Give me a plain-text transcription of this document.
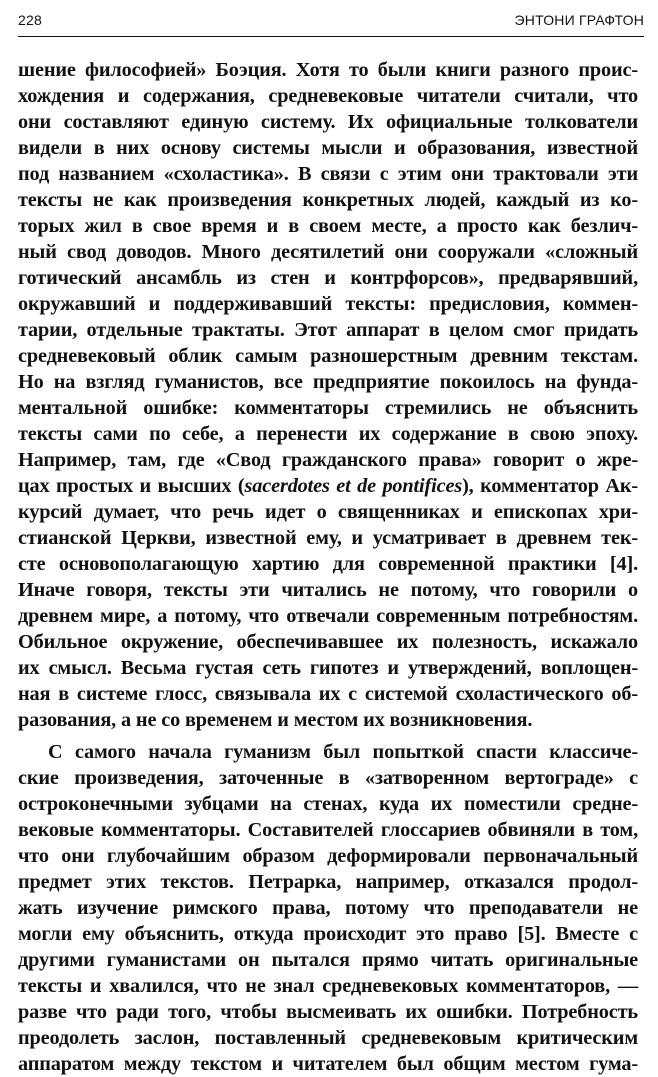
228	ЭНТОНИ ГРАФТОН
шение философией» Боэция. Хотя то были книги разного проис-
хождения и содержания, средневековые читатели считали, что
они составляют единую систему. Их официальные толкователи
видели в них основу системы мысли и образования, известной
под названием «схоластика». В связи с этим они трактовали эти
тексты не как произведения конкретных людей, каждый из ко-
торых жил в свое время и в своем месте, а просто как безлич-
ный свод доводов. Много десятилетий они сооружали «сложный
готический ансамбль из стен и контрфорсов», предварявший,
окружавший и поддерживавший тексты: предисловия, коммен-
тарии, отдельные трактаты. Этот аппарат в целом смог придать
средневековый облик самым разношерстным древним текстам.
Но на взгляд гуманистов, все предприятие покоилось на фунда-
ментальной ошибке: комментаторы стремились не объяснить
тексты сами по себе, а перенести их содержание в свою эпоху.
Например, там, где «Свод гражданского права» говорит о жре-
цах простых и высших (sacerdotes et de pontifices), комментатор Ак-
курсий думает, что речь идет о священниках и епископах хри-
стианской Церкви, известной ему, и усматривает в древнем тек-
сте основополагающую хартию для современной практики [4].
Иначе говоря, тексты эти читались не потому, что говорили о
древнем мире, а потому, что отвечали современным потребностям.
Обильное окружение, обеспечивавшее их полезность, искажало
их смысл. Весьма густая сеть гипотез и утверждений, воплощен-
ная в системе глосс, связывала их с системой схоластического об-
разования, а не со временем и местом их возникновения.
С самого начала гуманизм был попыткой спасти классиче-
ские произведения, заточенные в «затворенном вертограде» с
остроконечными зубцами на стенах, куда их поместили средне-
вековые комментаторы. Составителей глоссариев обвиняли в том,
что они глубочайшим образом деформировали первоначальный
предмет этих текстов. Петрарка, например, отказался продол-
жать изучение римского права, потому что преподаватели не
могли ему объяснить, откуда происходит это право [5]. Вместе с
другими гуманистами он пытался прямо читать оригинальные
тексты и хвалился, что не знал средневековых комментаторов, —
разве что ради того, чтобы высмеивать их ошибки. Потребность
преодолеть заслон, поставленный средневековым критическим
аппаратом между текстом и читателем был общим местом гума-
